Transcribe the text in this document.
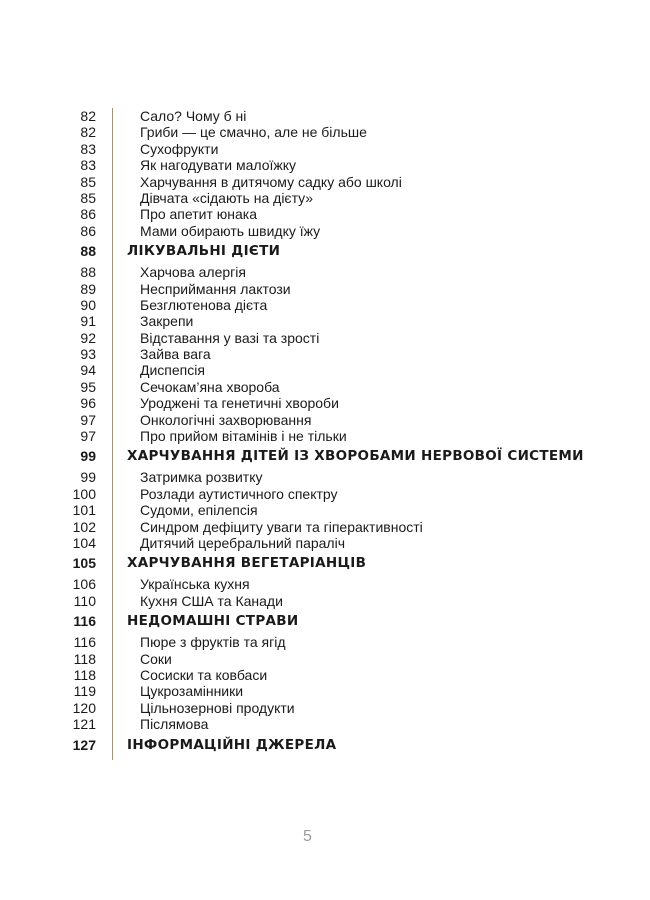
82	Сало? Чому б ні
82	Гриби — це смачно, але не більше
83	Сухофрукти
83	Як нагодувати малоїжку
85	Харчування в дитячому садку або школі
85	Дівчата «сідають на дієту»
86	Про апетит юнака
86	Мами обирають швидку їжу
88 ЛІКУВАЛЬНІ ДІЄТИ
88	Харчова алергія
89	Несприймання лактози
90	Безглютенова дієта
91	Закрепи
92	Відставання у вазі та зрості
93	Зайва вага
94	Диспепсія
95	Сечокам’яна хвороба
96	Уроджені та генетичні хвороби
97	Онкологічні захворювання
97	Про прийом вітамінів і не тільки
99 ХАРЧУВАННЯ ДІТЕЙ ІЗ ХВОРОБАМИ НЕРВОВОЇ СИСТЕМИ
99	Затримка розвитку
100	Розлади аутистичного спектру
101	Судоми, епілепсія
102	Синдром дефіциту уваги та гіперактивності
104	Дитячий церебральний параліч
105 ХАРЧУВАННЯ ВЕГЕТАРІАНЦІВ
106	Українська кухня
110	Кухня США та Канади
116 НЕДОМАШНІ СТРАВИ
116	Пюре з фруктів та ягід
118	Соки
118	Сосиски та ковбаси
119	Цукрозамінники
120	Цільнозернові продукти
121	Післямова
127 ІНФОРМАЦІЙНІ ДЖЕРЕЛА
5
